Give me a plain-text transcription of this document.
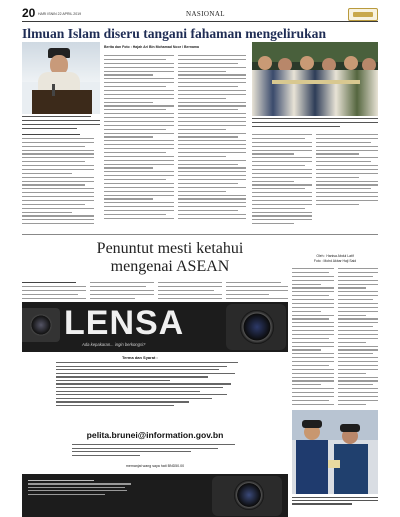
20 HARI ISNIN 22 APRIL 2019	NASIONAL
Ilmuan Islam diseru tangani fahaman mengelirukan
Berita dan Foto : Hajah Ari Bin Mohamad Noor / Bernama
Penuntut mesti ketahui
mengenai ASEAN
Oleh : Hanisa Abdul Latif
Foto : Mohd Akbar Haji Said
LENSA
Ada kepakaran... ingin berkongsi?
Terma dan Syarat :
pelita.brunei@information.gov.bn
memanjat wang saya hati BND50.00
